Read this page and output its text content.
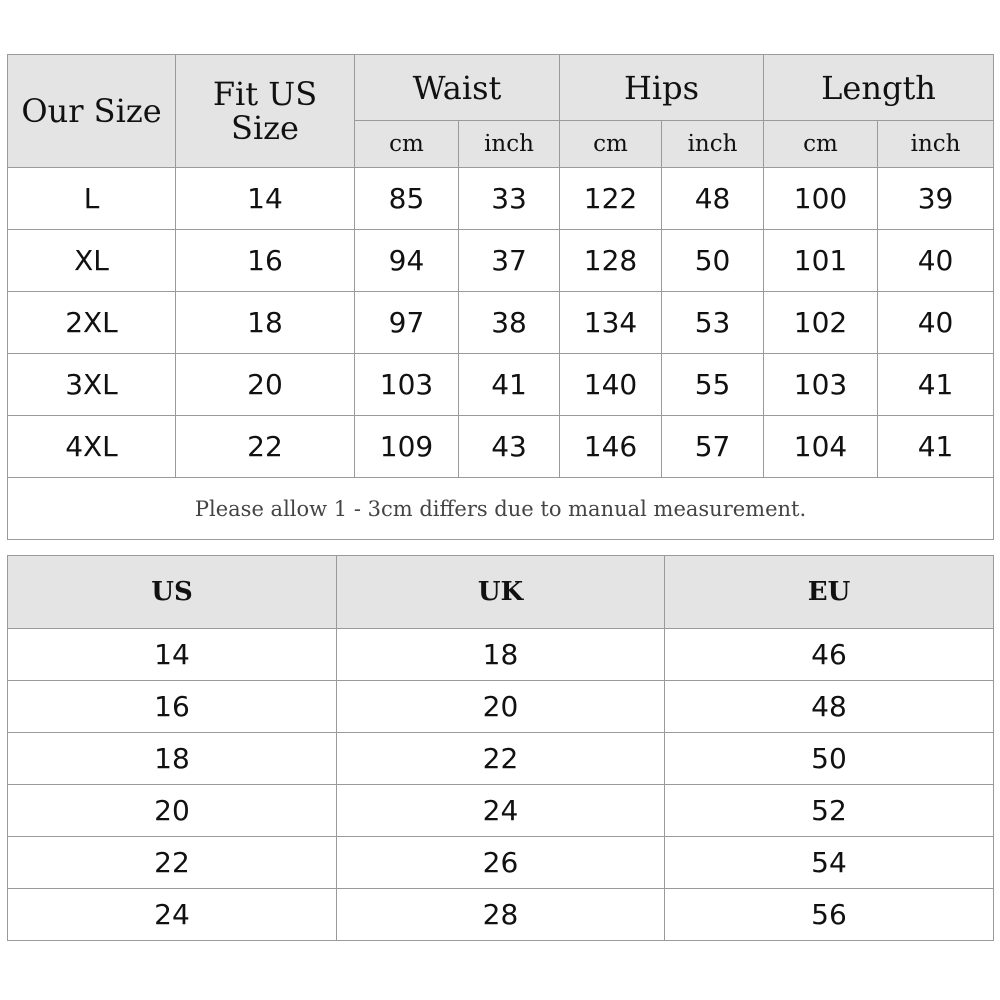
Our Size	Fit US Size	Waist		Hips		Length	
		cm	inch	cm	inch	cm	inch
L	14	85	33	122	48	100	39
XL	16	94	37	128	50	101	40
2XL	18	97	38	134	53	102	40
3XL	20	103	41	140	55	103	41
4XL	22	109	43	146	57	104	41
Please allow 1 - 3cm differs due to manual measurement.							
US	UK	EU
14	18	46
16	20	48
18	22	50
20	24	52
22	26	54
24	28	56
